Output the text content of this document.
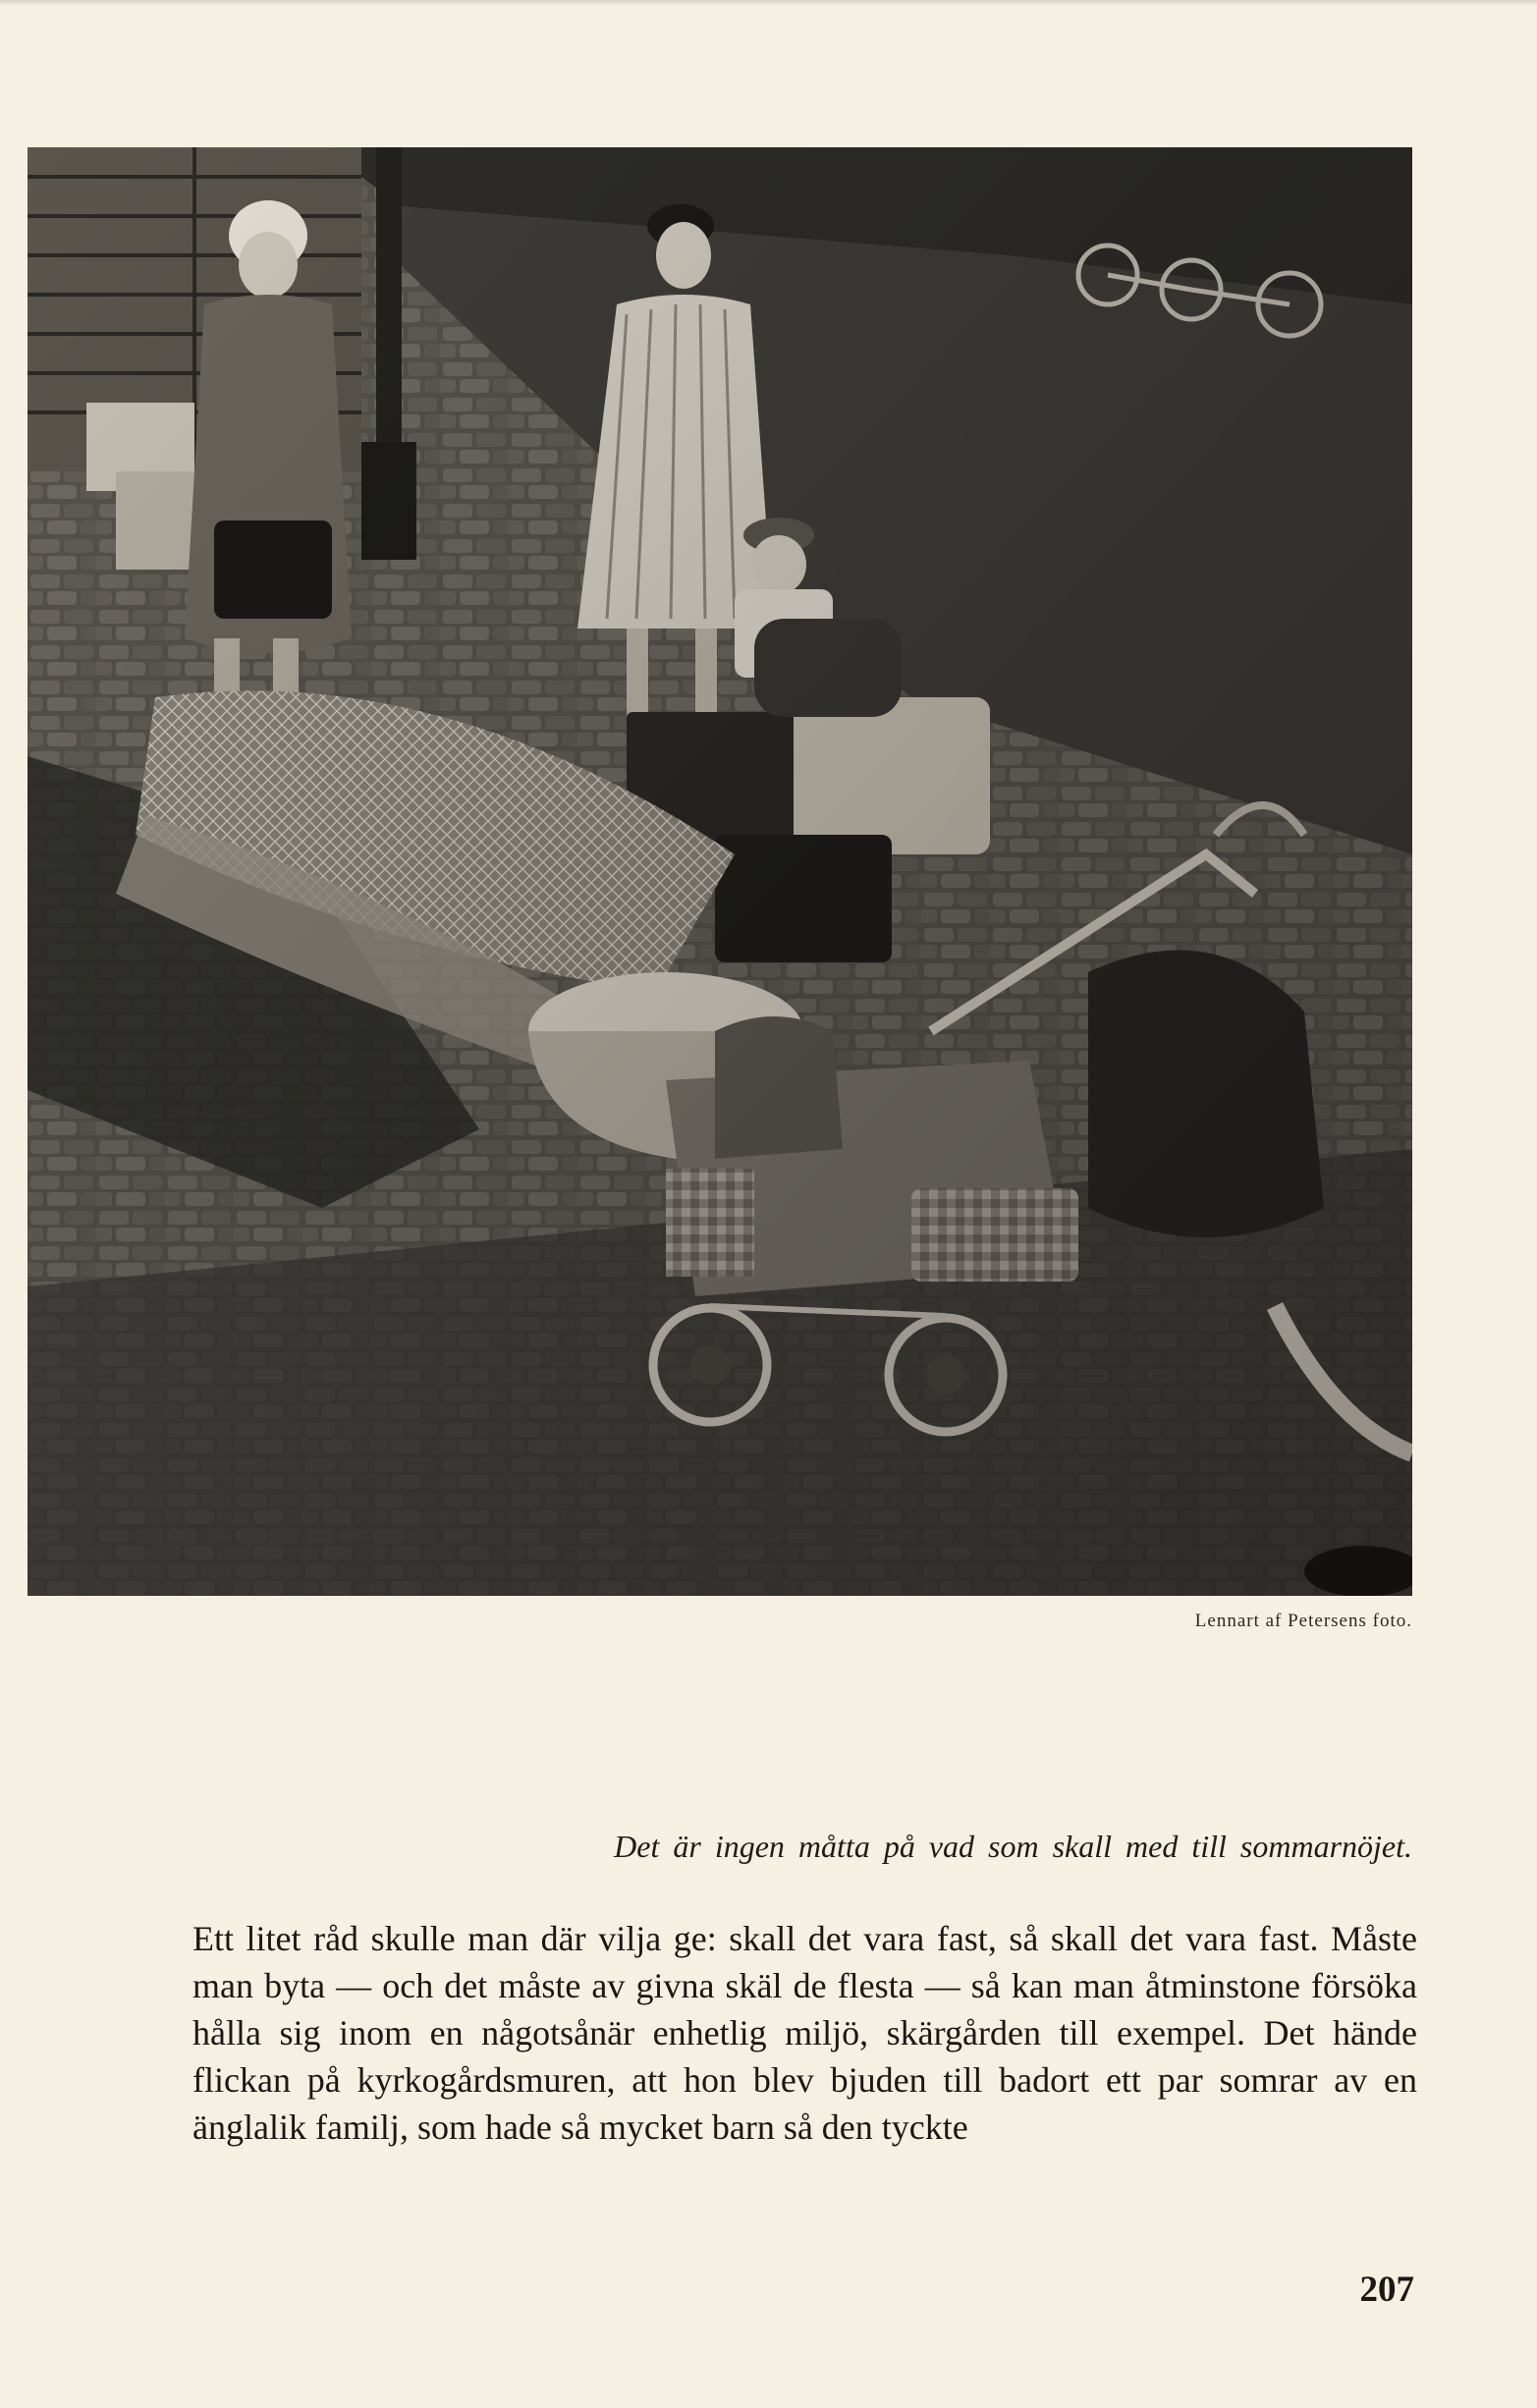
Lennart af Petersens foto.
Det är ingen måtta på vad som skall med till sommarnöjet.
Ett litet råd skulle man där vilja ge: skall det vara fast, så skall det vara fast. Måste man byta — och det måste av givna skäl de flesta — så kan man åtminstone försöka hålla sig inom en någotsånär enhetlig miljö, skärgården till exempel. Det hände flickan på kyrkogårdsmuren, att hon blev bjuden till badort ett par somrar av en änglalik familj, som hade så mycket barn så den tyckte
207
